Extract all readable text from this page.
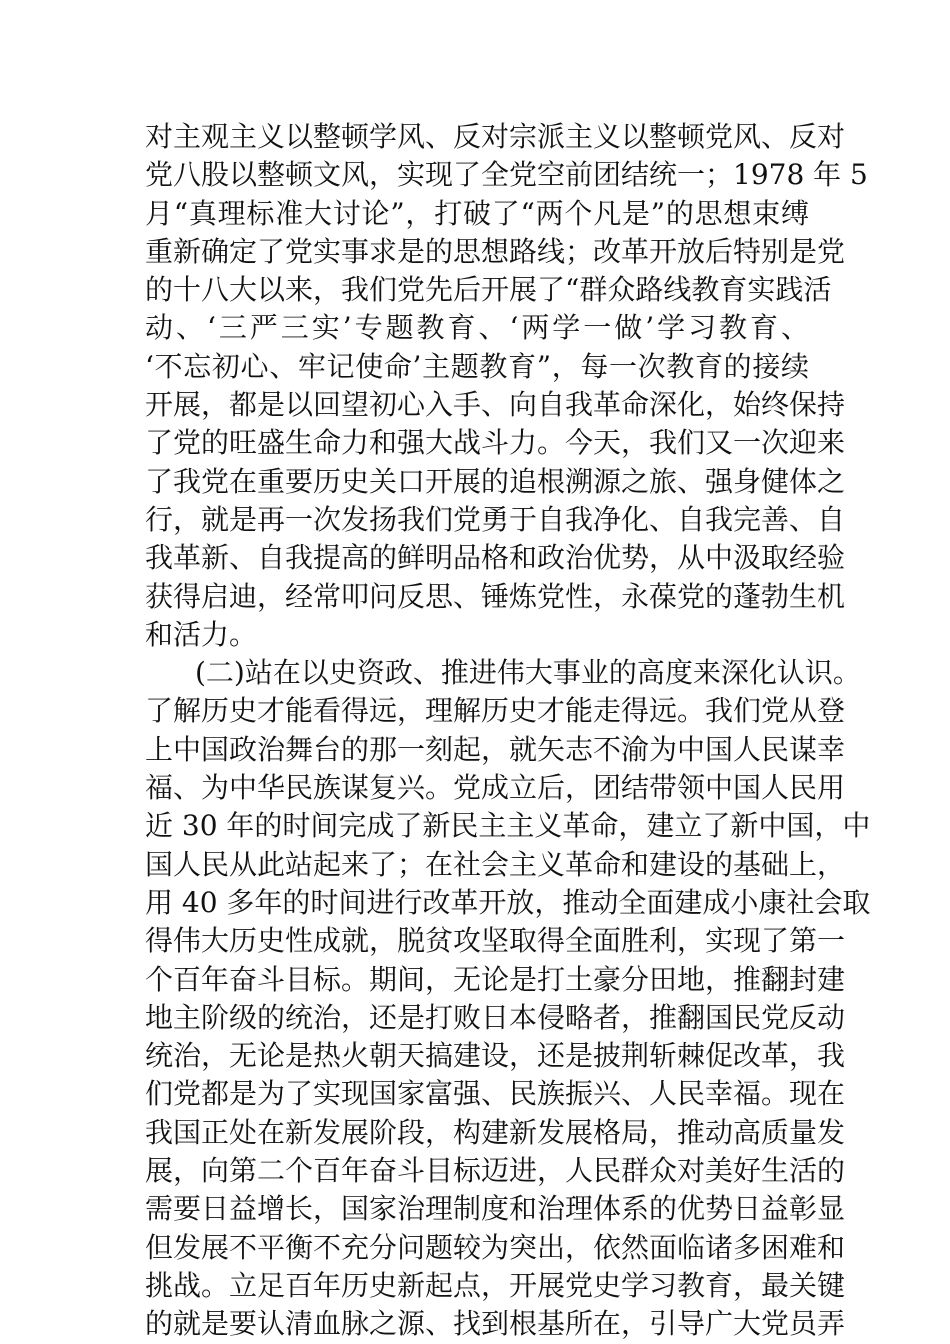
对主观主义以整顿学风、反对宗派主义以整顿党风、反对
党八股以整顿文风，实现了全党空前团结统一；1978 年 5
月“真理标准大讨论”，打破了“两个凡是”的思想束缚
重新确定了党实事求是的思想路线；改革开放后特别是党
的十八大以来，我们党先后开展了“群众路线教育实践活
动、‘三严三实’专题教育、‘两学一做’学习教育、
‘不忘初心、牢记使命’主题教育”，每一次教育的接续
开展，都是以回望初心入手、向自我革命深化，始终保持
了党的旺盛生命力和强大战斗力。今天，我们又一次迎来
了我党在重要历史关口开展的追根溯源之旅、强身健体之
行，就是再一次发扬我们党勇于自我净化、自我完善、自
我革新、自我提高的鲜明品格和政治优势，从中汲取经验
获得启迪，经常叩问反思、锤炼党性，永葆党的蓬勃生机
和活力。
(二)站在以史资政、推进伟大事业的高度来深化认识。
了解历史才能看得远，理解历史才能走得远。我们党从登
上中国政治舞台的那一刻起，就矢志不渝为中国人民谋幸
福、为中华民族谋复兴。党成立后，团结带领中国人民用
近 30 年的时间完成了新民主主义革命，建立了新中国，中
国人民从此站起来了；在社会主义革命和建设的基础上，
用 40 多年的时间进行改革开放，推动全面建成小康社会取
得伟大历史性成就，脱贫攻坚取得全面胜利，实现了第一
个百年奋斗目标。期间，无论是打土豪分田地，推翻封建
地主阶级的统治，还是打败日本侵略者，推翻国民党反动
统治，无论是热火朝天搞建设，还是披荆斩棘促改革，我
们党都是为了实现国家富强、民族振兴、人民幸福。现在
我国正处在新发展阶段，构建新发展格局，推动高质量发
展，向第二个百年奋斗目标迈进，人民群众对美好生活的
需要日益增长，国家治理制度和治理体系的优势日益彰显
但发展不平衡不充分问题较为突出，依然面临诸多困难和
挑战。立足百年历史新起点，开展党史学习教育，最关键
的就是要认清血脉之源、找到根基所在，引导广大党员弄
